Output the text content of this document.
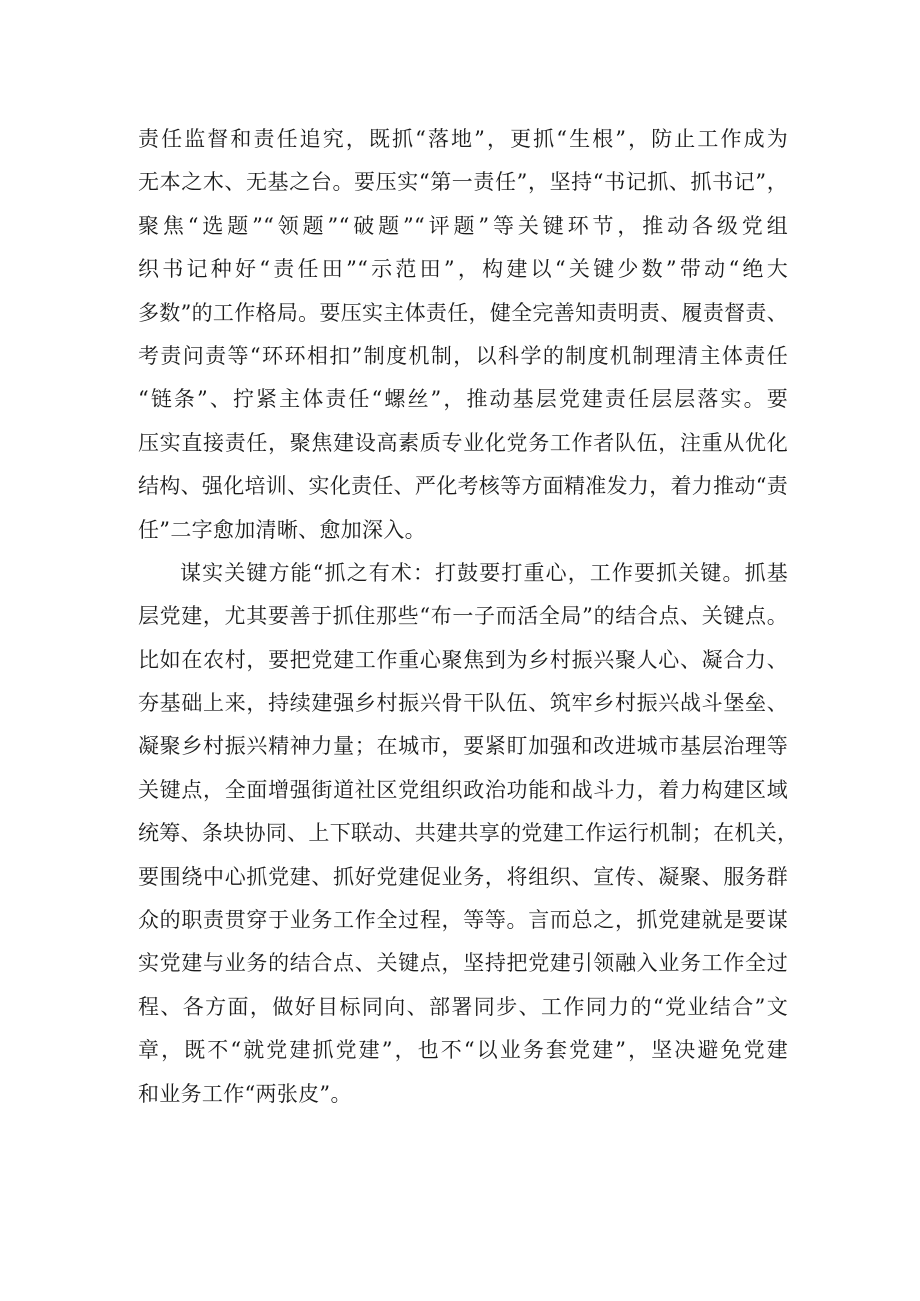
责任监督和责任追究，既抓“落地”，更抓“生根”，防止工作成为
无本之木、无基之台。要压实“第一责任”，坚持“书记抓、抓书记”，
聚焦“选题”“领题”“破题”“评题”等关键环节，推动各级党组
织书记种好“责任田”“示范田”，构建以“关键少数”带动“绝大
多数”的工作格局。要压实主体责任，健全完善知责明责、履责督责、
考责问责等“环环相扣”制度机制，以科学的制度机制理清主体责任
“链条”、拧紧主体责任“螺丝”，推动基层党建责任层层落实。要
压实直接责任，聚焦建设高素质专业化党务工作者队伍，注重从优化
结构、强化培训、实化责任、严化考核等方面精准发力，着力推动“责
任”二字愈加清晰、愈加深入。
谋实关键方能“抓之有术：打鼓要打重心，工作要抓关键。抓基
层党建，尤其要善于抓住那些“布一子而活全局”的结合点、关键点。
比如在农村，要把党建工作重心聚焦到为乡村振兴聚人心、凝合力、
夯基础上来，持续建强乡村振兴骨干队伍、筑牢乡村振兴战斗堡垒、
凝聚乡村振兴精神力量；在城市，要紧盯加强和改进城市基层治理等
关键点，全面增强街道社区党组织政治功能和战斗力，着力构建区域
统筹、条块协同、上下联动、共建共享的党建工作运行机制；在机关，
要围绕中心抓党建、抓好党建促业务，将组织、宣传、凝聚、服务群
众的职责贯穿于业务工作全过程，等等。言而总之，抓党建就是要谋
实党建与业务的结合点、关键点，坚持把党建引领融入业务工作全过
程、各方面，做好目标同向、部署同步、工作同力的“党业结合”文
章，既不“就党建抓党建”，也不“以业务套党建”，坚决避免党建
和业务工作“两张皮”。
